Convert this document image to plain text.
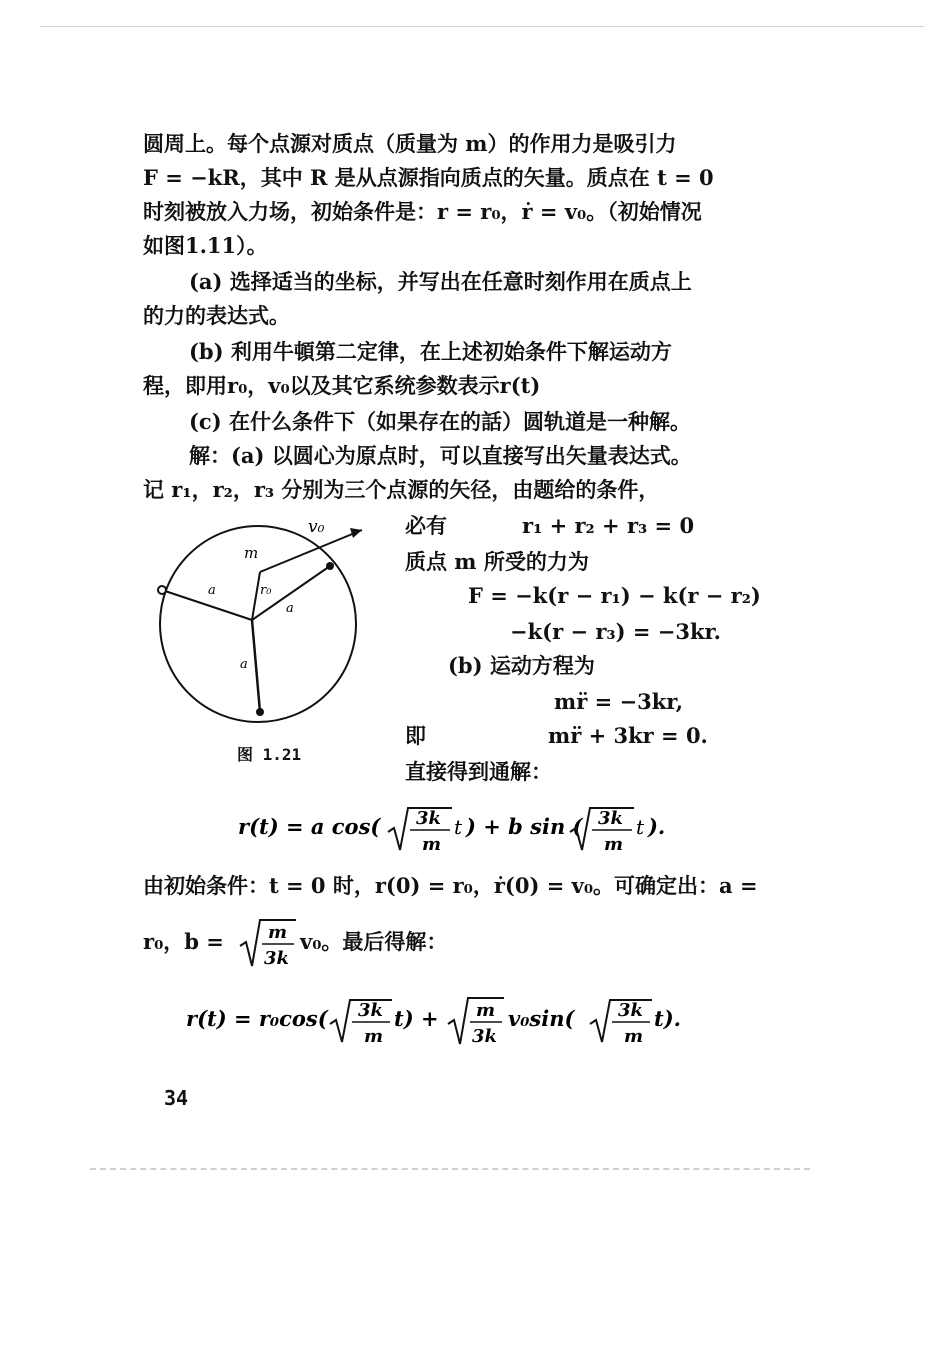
圆周上。每个点源对质点（质量为 m）的作用力是吸引力
F = −kR，其中 R 是从点源指向质点的矢量。质点在 t = 0
时刻被放入力场，初始条件是：r = r₀，ṙ = v₀。（初始情况
如图1.11）。
(a) 选择适当的坐标，并写出在任意时刻作用在质点上
的力的表达式。
(b) 利用牛頓第二定律，在上述初始条件下解运动方
程，即用r₀，v₀以及其它系统参数表示r(t)
(c) 在什么条件下（如果存在的話）圆轨道是一种解。
解：(a) 以圆心为原点时，可以直接写出矢量表达式。
记 r₁，r₂，r₃ 分别为三个点源的矢径，由题给的条件，
v₀
m
r₀
a
a
a
图 1.21
必有	r₁ + r₂ + r₃ = 0
质点 m 所受的力为
F = −k(r − r₁) − k(r − r₂)
−k(r − r₃) = −3kr.
(b) 运动方程为
mr̈ = −3kr,
即	mr̈ + 3kr = 0.
直接得到通解：
r(t) = a cos( 3k
m
t ) + b sin ( 3k
m
t ).
由初始条件：t = 0 时，r(0) = r₀，ṙ(0) = v₀。可确定出：a =
r₀，b = m
3k
v₀。最后得解：
r(t) = r₀cos( 3k
m
t) + m
3k
v₀sin( 3k
m
t).
34
